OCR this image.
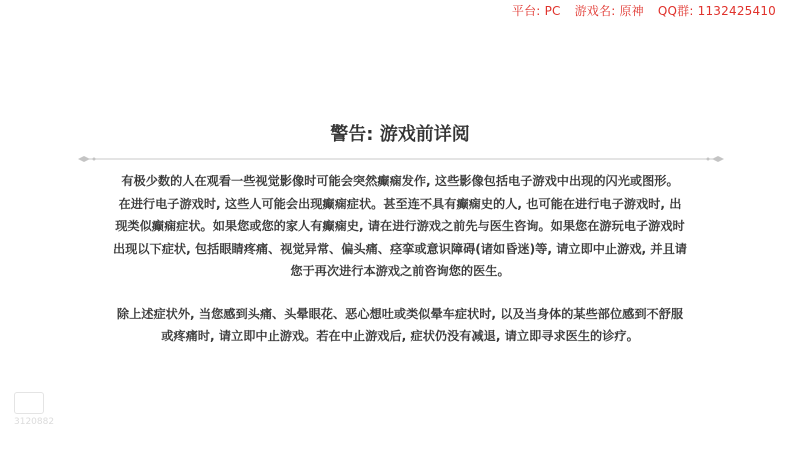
平台: PC 游戏名: 原神 QQ群: 1132425410
警告: 游戏前详阅

有极少数的人在观看一些视觉影像时可能会突然癫痫发作, 这些影像包括电子游戏中出现的闪光或图形。
在进行电子游戏时, 这些人可能会出现癫痫症状。甚至连不具有癫痫史的人, 也可能在进行电子游戏时, 出
现类似癫痫症状。如果您或您的家人有癫痫史, 请在进行游戏之前先与医生咨询。如果您在游玩电子游戏时
出现以下症状, 包括眼睛疼痛、视觉异常、偏头痛、痉挛或意识障碍(诸如昏迷)等, 请立即中止游戏, 并且请
您于再次进行本游戏之前咨询您的医生。

除上述症状外, 当您感到头痛、头晕眼花、恶心想吐或类似晕车症状时, 以及当身体的某些部位感到不舒服
或疼痛时, 请立即中止游戏。若在中止游戏后, 症状仍没有减退, 请立即寻求医生的诊疗。

3120882
